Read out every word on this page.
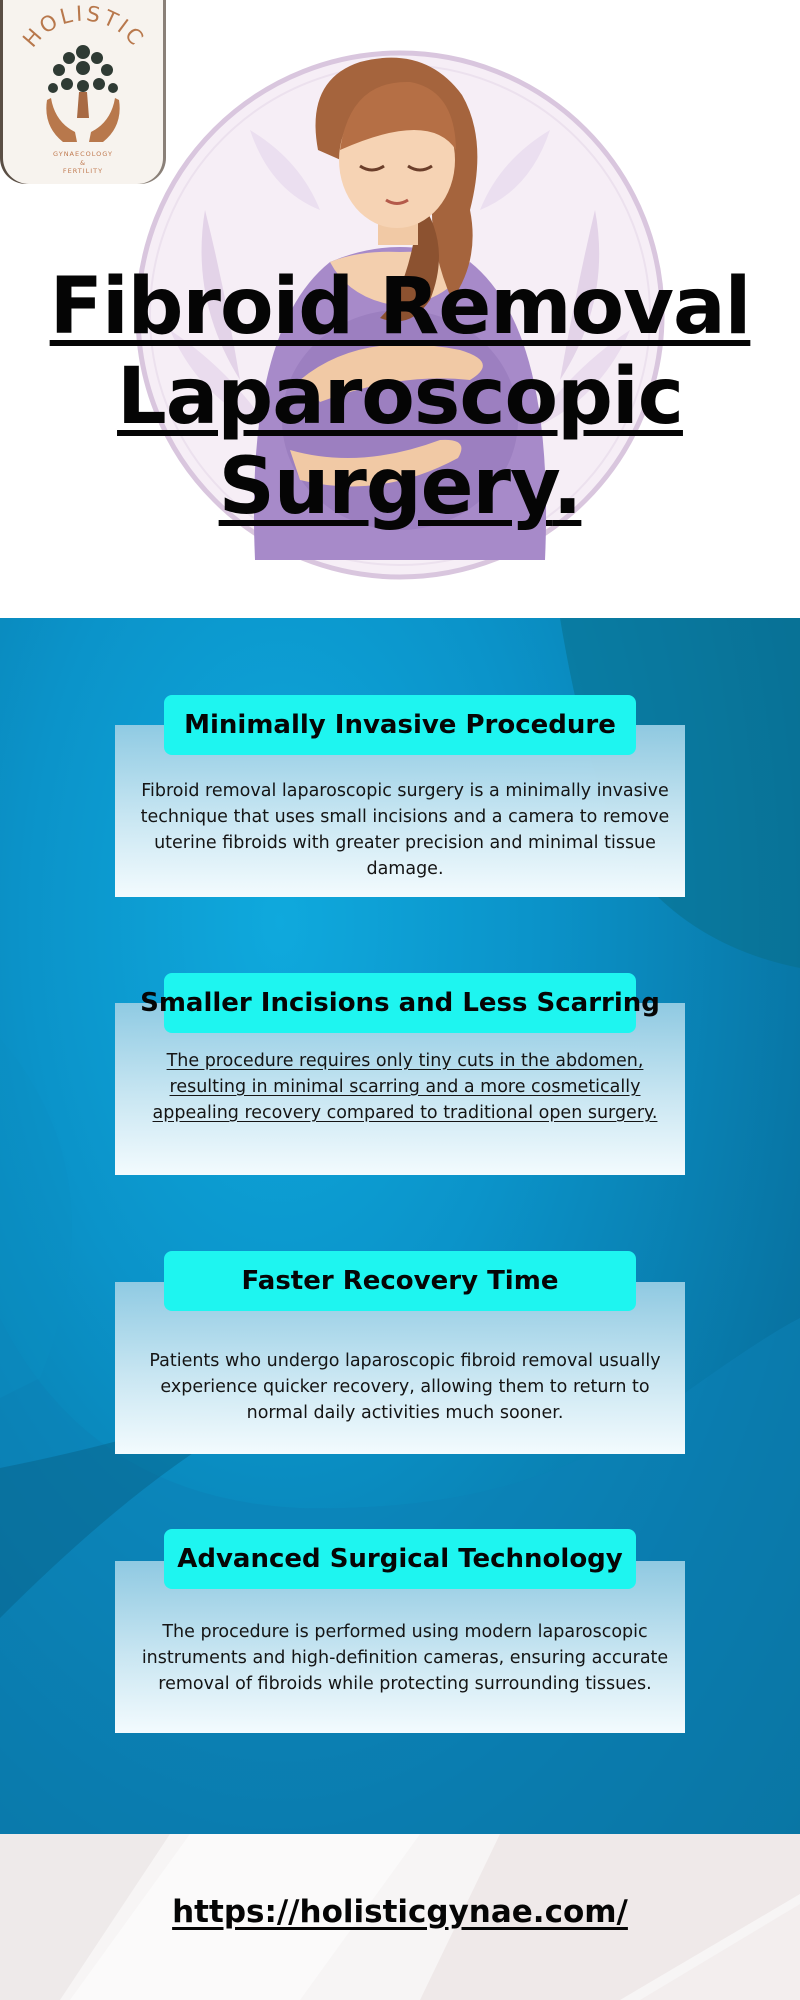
HOLISTIC
GYNAECOLOGY
&
FERTILITY
Fibroid Removal
Laparoscopic
Surgery.
Minimally Invasive Procedure

Fibroid removal laparoscopic surgery is a minimally invasive technique that uses small incisions and a camera to remove uterine fibroids with greater precision and minimal tissue damage.

Smaller Incisions and Less Scarring

The procedure requires only tiny cuts in the abdomen, resulting in minimal scarring and a more cosmetically appealing recovery compared to traditional open surgery.

Faster Recovery Time

Patients who undergo laparoscopic fibroid removal usually experience quicker recovery, allowing them to return to normal daily activities much sooner.

Advanced Surgical Technology

The procedure is performed using modern laparoscopic instruments and high-definition cameras, ensuring accurate removal of fibroids while protecting surrounding tissues.

https://holisticgynae.com/
